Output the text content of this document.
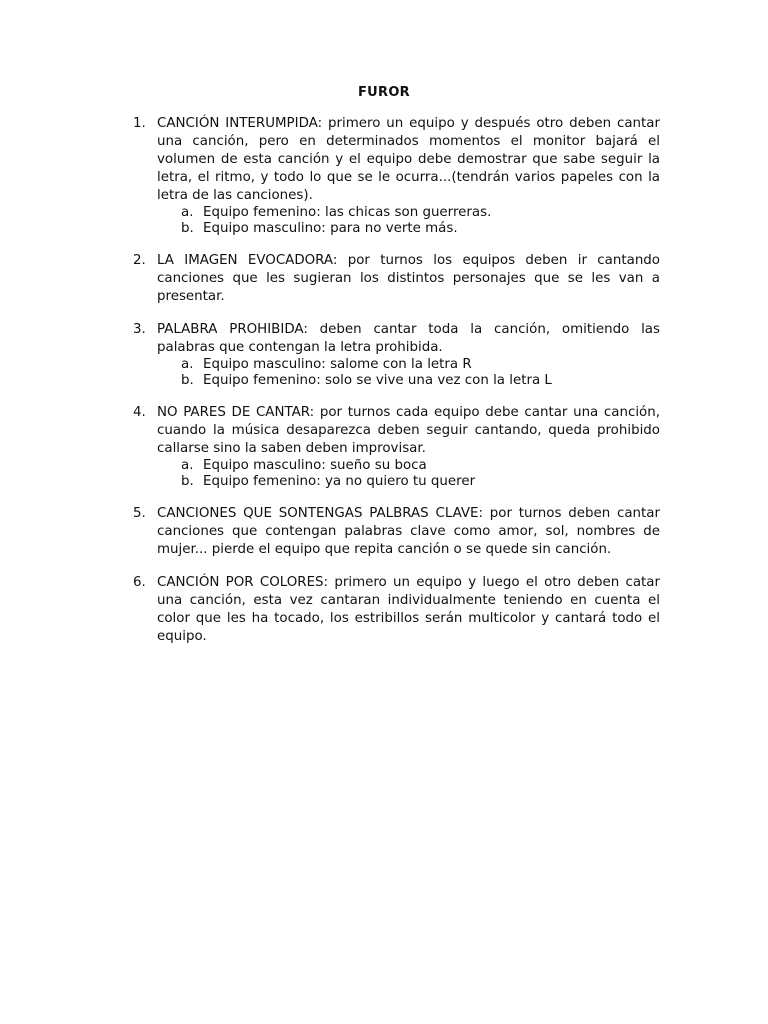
FUROR
1. CANCIÓN INTERUMPIDA: primero un equipo y después otro deben cantar una canción, pero en determinados momentos el monitor bajará el volumen de esta canción y el equipo debe demostrar que sabe seguir la letra, el ritmo, y todo lo que se le ocurra...(tendrán varios papeles con la letra de las canciones).
a. Equipo femenino: las chicas son guerreras.
b. Equipo masculino: para no verte más.
2. LA IMAGEN EVOCADORA: por turnos los equipos deben ir cantando canciones que les sugieran los distintos personajes que se les van a presentar.
3. PALABRA PROHIBIDA: deben cantar toda la canción, omitiendo las palabras que contengan la letra prohibida.
a. Equipo masculino: salome con la letra R
b. Equipo femenino: solo se vive una vez con la letra L
4. NO PARES DE CANTAR: por turnos cada equipo debe cantar una canción, cuando la música desaparezca deben seguir cantando, queda prohibido callarse sino la saben deben improvisar.
a. Equipo masculino: sueño su boca
b. Equipo femenino: ya no quiero tu querer
5. CANCIONES QUE SONTENGAS PALBRAS CLAVE: por turnos deben cantar canciones que contengan palabras clave como amor, sol, nombres de mujer... pierde el equipo que repita canción o se quede sin canción.
6. CANCIÓN POR COLORES: primero un equipo y luego el otro deben catar una canción, esta vez cantaran individualmente teniendo en cuenta el color que les ha tocado, los estribillos serán multicolor y cantará todo el equipo.
